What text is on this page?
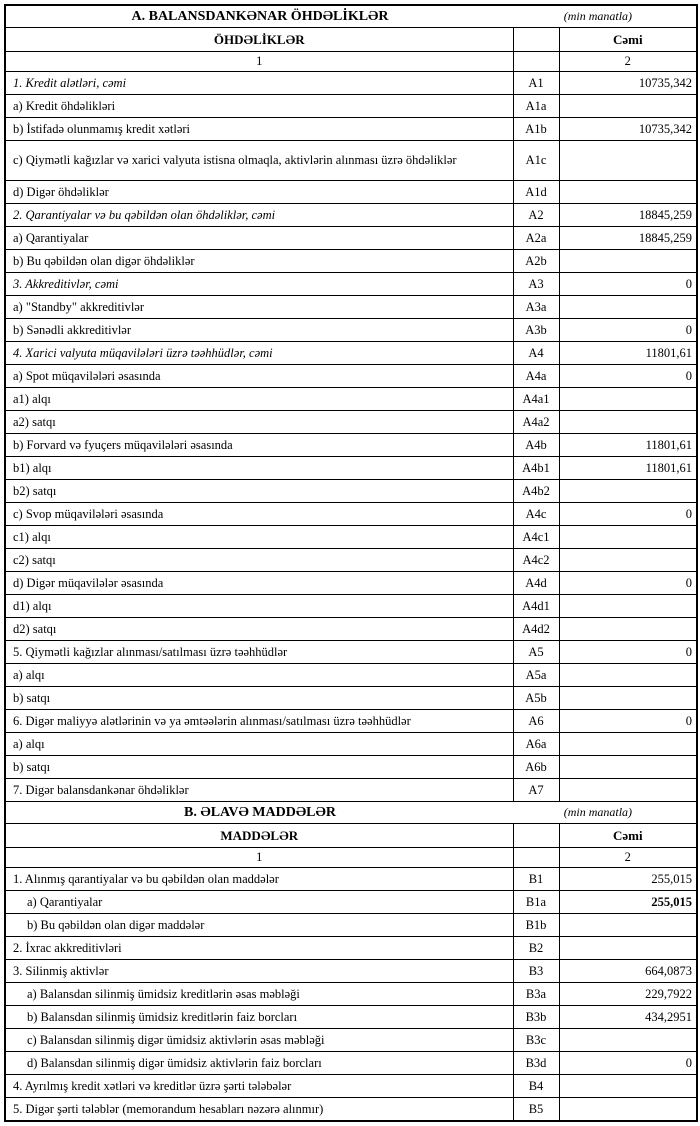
A. BALANSDANKƏNAR ÖHDƏLİKLƏR (min manatla)		

ÖHDƏLİKLƏR		Cəmi
1		2
1. Kredit alətləri, cəmi	A1	10735,342
a) Kredit öhdəlikləri	A1a	
b) İstifadə olunmamış kredit xətləri	A1b	10735,342
c) Qiymətli kağızlar və xarici valyuta istisna olmaqla, aktivlərin alınması üzrə öhdəliklər	A1c	
d) Digər öhdəliklər	A1d	
2. Qarantiyalar və bu qəbildən olan öhdəliklər, cəmi	A2	18845,259
a) Qarantiyalar	A2a	18845,259
b) Bu qəbildən olan digər öhdəliklər	A2b	
3. Akkreditivlər, cəmi	A3	0
a) "Standby" akkreditivlər	A3a	
b) Sənədli akkreditivlər	A3b	0
4. Xarici valyuta müqavilələri üzrə təəhhüdlər, cəmi	A4	11801,61
a) Spot müqavilələri əsasında	A4a	0
a1) alqı	A4a1	
a2) satqı	A4a2	
b) Forvard və fyuçers müqavilələri əsasında	A4b	11801,61
b1) alqı	A4b1	11801,61
b2) satqı	A4b2	
c) Svop müqavilələri əsasında	A4c	0
c1) alqı	A4c1	
c2) satqı	A4c2	
d) Digər müqavilələr əsasında	A4d	0
d1) alqı	A4d1	
d2) satqı	A4d2	
5. Qiymətli kağızlar alınması/satılması üzrə təəhhüdlər	A5	0
a) alqı	A5a	
b) satqı	A5b	
6. Digər maliyyə alətlərinin və ya əmtəələrin alınması/satılması üzrə təəhhüdlər	A6	0
a) alqı	A6a	
b) satqı	A6b	
7. Digər balansdankənar öhdəliklər	A7	

B. ƏLAVƏ MADDƏLƏR (min manatla)		

MADDƏLƏR		Cəmi
1		2
1. Alınmış qarantiyalar və bu qəbildən olan maddələr	B1	255,015
a) Qarantiyalar	B1a	255,015
b) Bu qəbildən olan digər maddələr	B1b	
2. İxrac akkreditivləri	B2	
3. Silinmiş aktivlər	B3	664,0873
a) Balansdan silinmiş ümidsiz kreditlərin əsas məbləği	B3a	229,7922
b) Balansdan silinmiş ümidsiz kreditlərin faiz borcları	B3b	434,2951
c) Balansdan silinmiş digər ümidsiz aktivlərin əsas məbləği	B3c	
d) Balansdan silinmiş digər ümidsiz aktivlərin faiz borcları	B3d	0
4. Ayrılmış kredit xətləri və kreditlər üzrə şərti tələbələr	B4	
5. Digər şərti tələblər (memorandum hesabları nəzərə alınmır)	B5	
